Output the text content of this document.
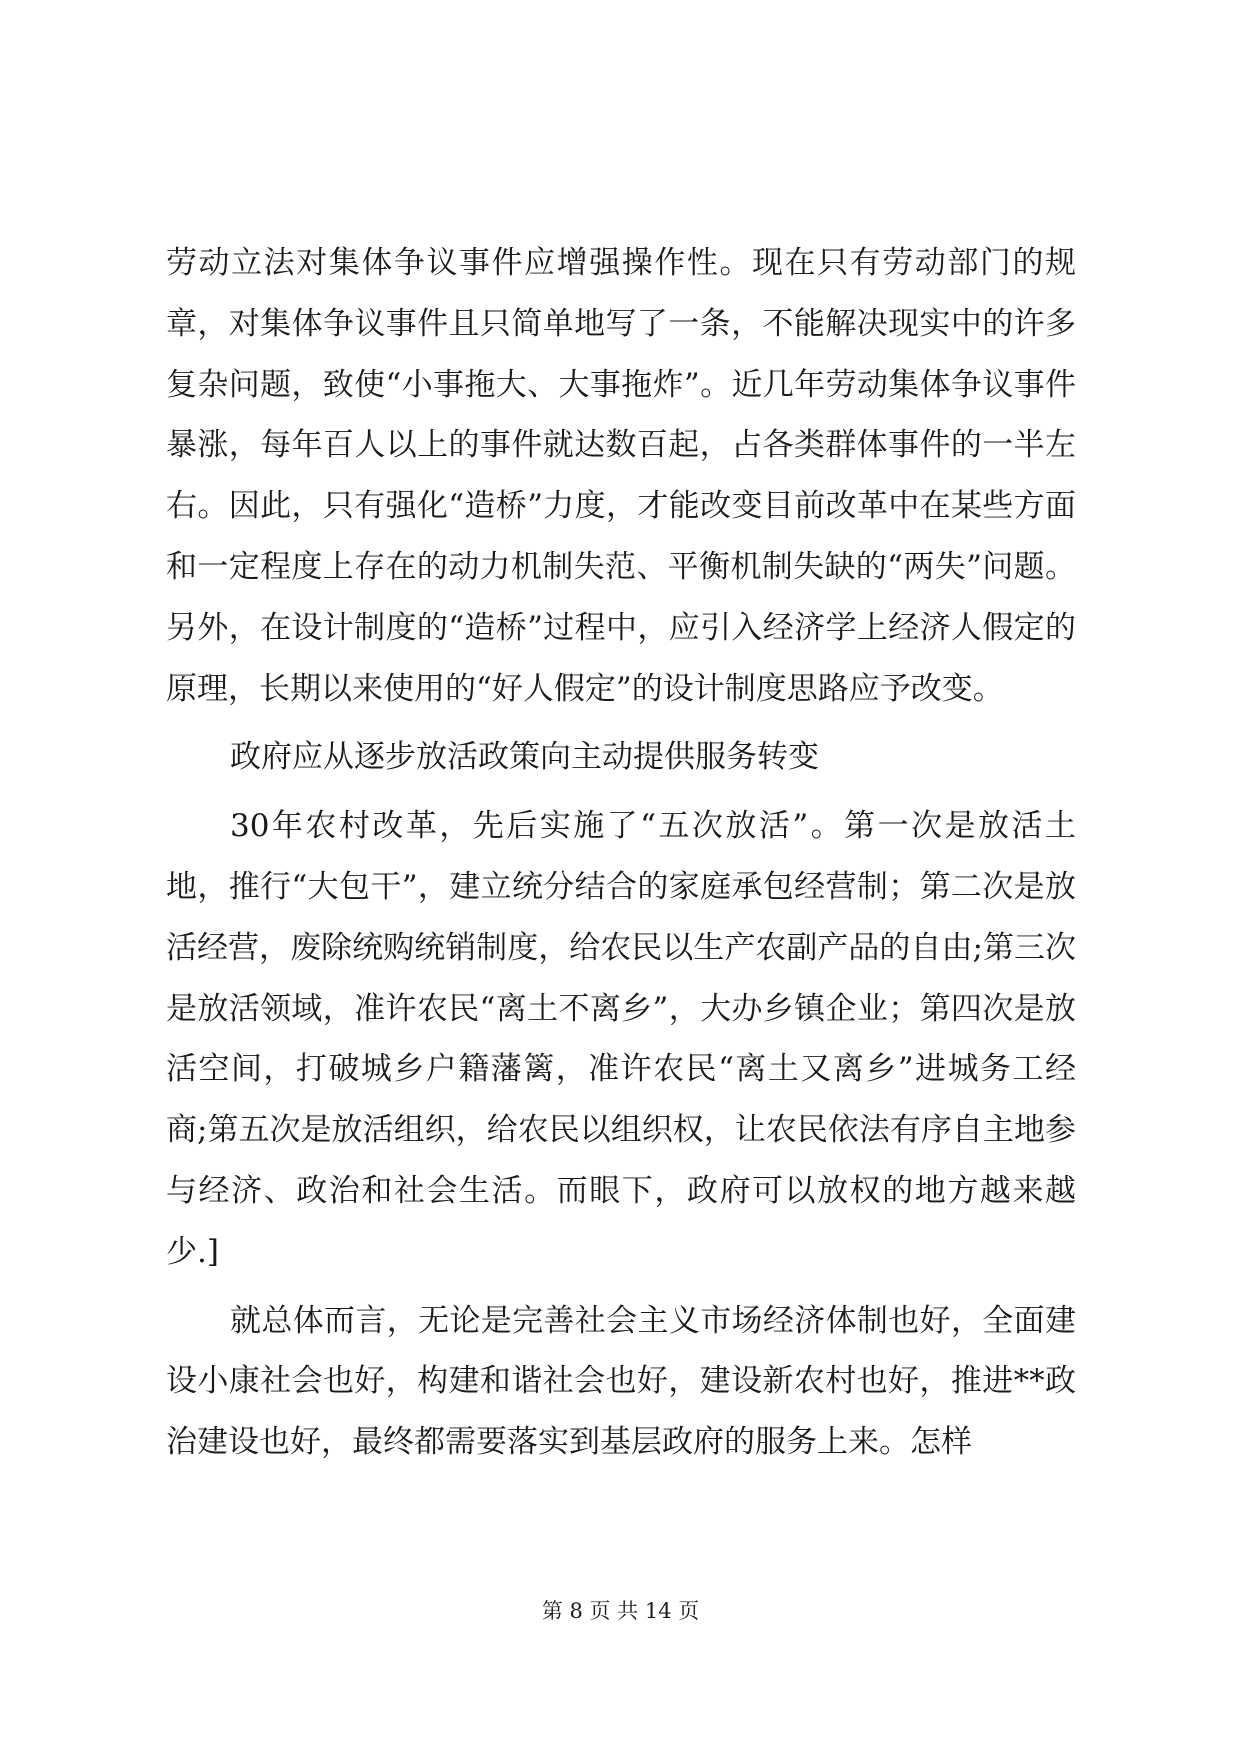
劳动立法对集体争议事件应增强操作性。现在只有劳动部门的规章，对集体争议事件且只简单地写了一条，不能解决现实中的许多复杂问题，致使“小事拖大、大事拖炸”。近几年劳动集体争议事件暴涨，每年百人以上的事件就达数百起，占各类群体事件的一半左右。因此，只有强化“造桥”力度，才能改变目前改革中在某些方面和一定程度上存在的动力机制失范、平衡机制失缺的“两失”问题。另外，在设计制度的“造桥”过程中，应引入经济学上经济人假定的原理，长期以来使用的“好人假定”的设计制度思路应予改变。

政府应从逐步放活政策向主动提供服务转变

30年农村改革，先后实施了“五次放活”。第一次是放活土地，推行“大包干”，建立统分结合的家庭承包经营制；第二次是放活经营，废除统购统销制度，给农民以生产农副产品的自由;第三次是放活领域，准许农民“离土不离乡”，大办乡镇企业；第四次是放活空间，打破城乡户籍藩篱，准许农民“离土又离乡”进城务工经商;第五次是放活组织，给农民以组织权，让农民依法有序自主地参与经济、政治和社会生活。而眼下，政府可以放权的地方越来越少.]

就总体而言，无论是完善社会主义市场经济体制也好，全面建设小康社会也好，构建和谐社会也好，建设新农村也好，推进**政治建设也好，最终都需要落实到基层政府的服务上来。怎样

第 8 页 共 14 页
